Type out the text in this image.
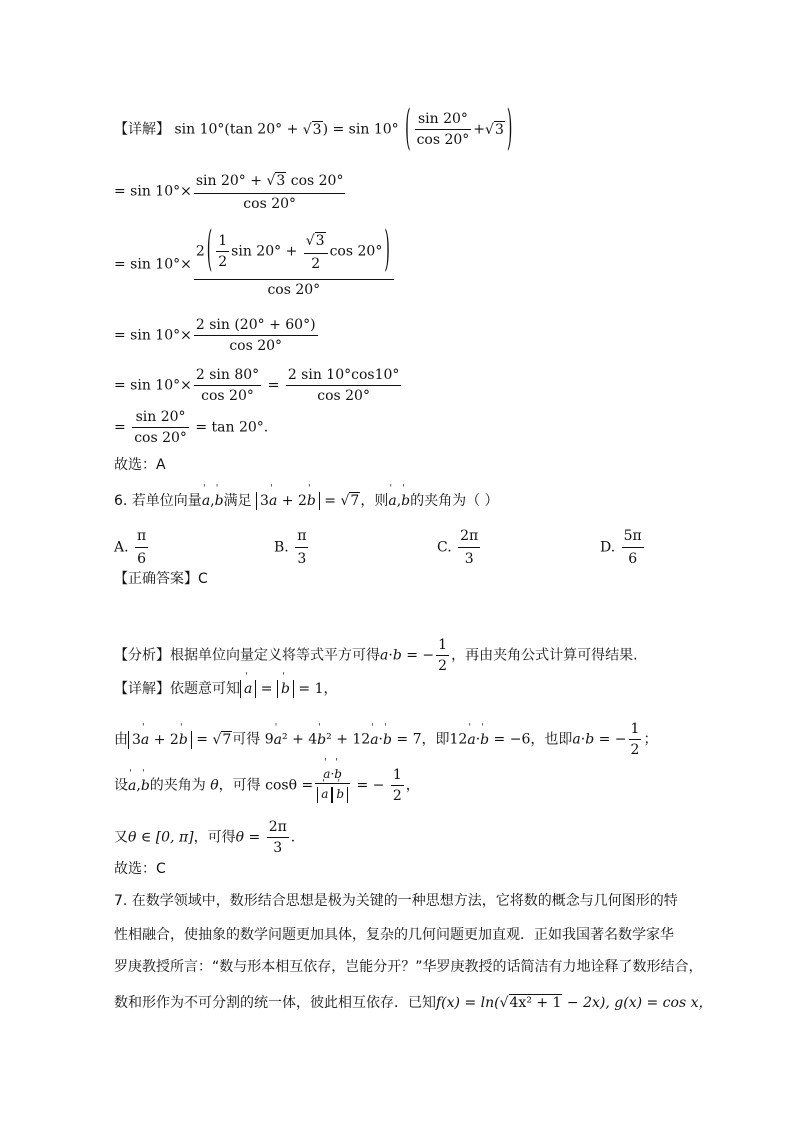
【详解】 sin 10°(tan 20° + √3) = sin 10° ( $\frac{\sin 20^\circ}{\cos 20^\circ} +√3$ )
= $\sin 10^\circ\times \frac{\sin 20^\circ + √3 \cos 20^\circ}{\cos 20^\circ}$
= $\sin 10^\circ\times \frac{2 ( \frac{1}{2} \sin 20^\circ + \frac{√3}{2} \cos 20^\circ )}{\cos 20^\circ}$
= $\sin 10^\circ\times \frac{2 \sin (20^\circ + 60^\circ)}{\cos 20^\circ}$
= $\sin 10^\circ\times \frac{2 \sin 80^\circ}{\cos 20^\circ} = \frac{2 \sin 10^\circ\cos 10^\circ}{\cos 20^\circ}$
= $\frac{\sin 20^\circ}{\cos 20^\circ} = \tan 20^\circ$.
故选：A
6. 若单位向量ˈ a,ˈ b满足 3ˈ a + 2ˈ b = √7，则ˈ a,ˈ b的夹角为（ ）
A. $\frac{\pi}{6}$	B. $\frac{\pi}{3}$	C. $\frac{2\pi}{3}$	D. $\frac{5\pi}{6}$
【正确答案】C
【分析】根据单位向量定义将等式平方可得a·b = − $\frac{1}{2}$ ，再由夹角公式计算可得结果.
【详解】依题意可知 ˈ a = ˈ b = 1，
由 3ˈ a + 2ˈ b = √7可得 9ˈ a² + 4ˈ b² + 12ˈ a·ˈ b = 7，即12ˈ a·ˈ b = −6，也即a·b = − $\frac{1}{2}$ ；
设ˈ a,ˈ b的夹角为 θ，可得 cosθ = ˈ a·ˈ b
ˈ a ˈ b = − $\frac{1}{2}$ ，
又θ ∈ [0, π]，可得$\theta = \frac{2\pi}{3}$ .
故选：C
7. 在数学领域中，数形结合思想是极为关键的一种思想方法，它将数的概念与几何图形的特
性相融合，使抽象的数学问题更加具体，复杂的几何问题更加直观．正如我国著名数学家华
罗庚教授所言：“数与形本相互依存，岂能分开？”华罗庚教授的话简洁有力地诠释了数形结合，
数和形作为不可分割的统一体，彼此相互依存．已知f(x) = ln(√4x² + 1 − 2x), g(x) = cos x，
